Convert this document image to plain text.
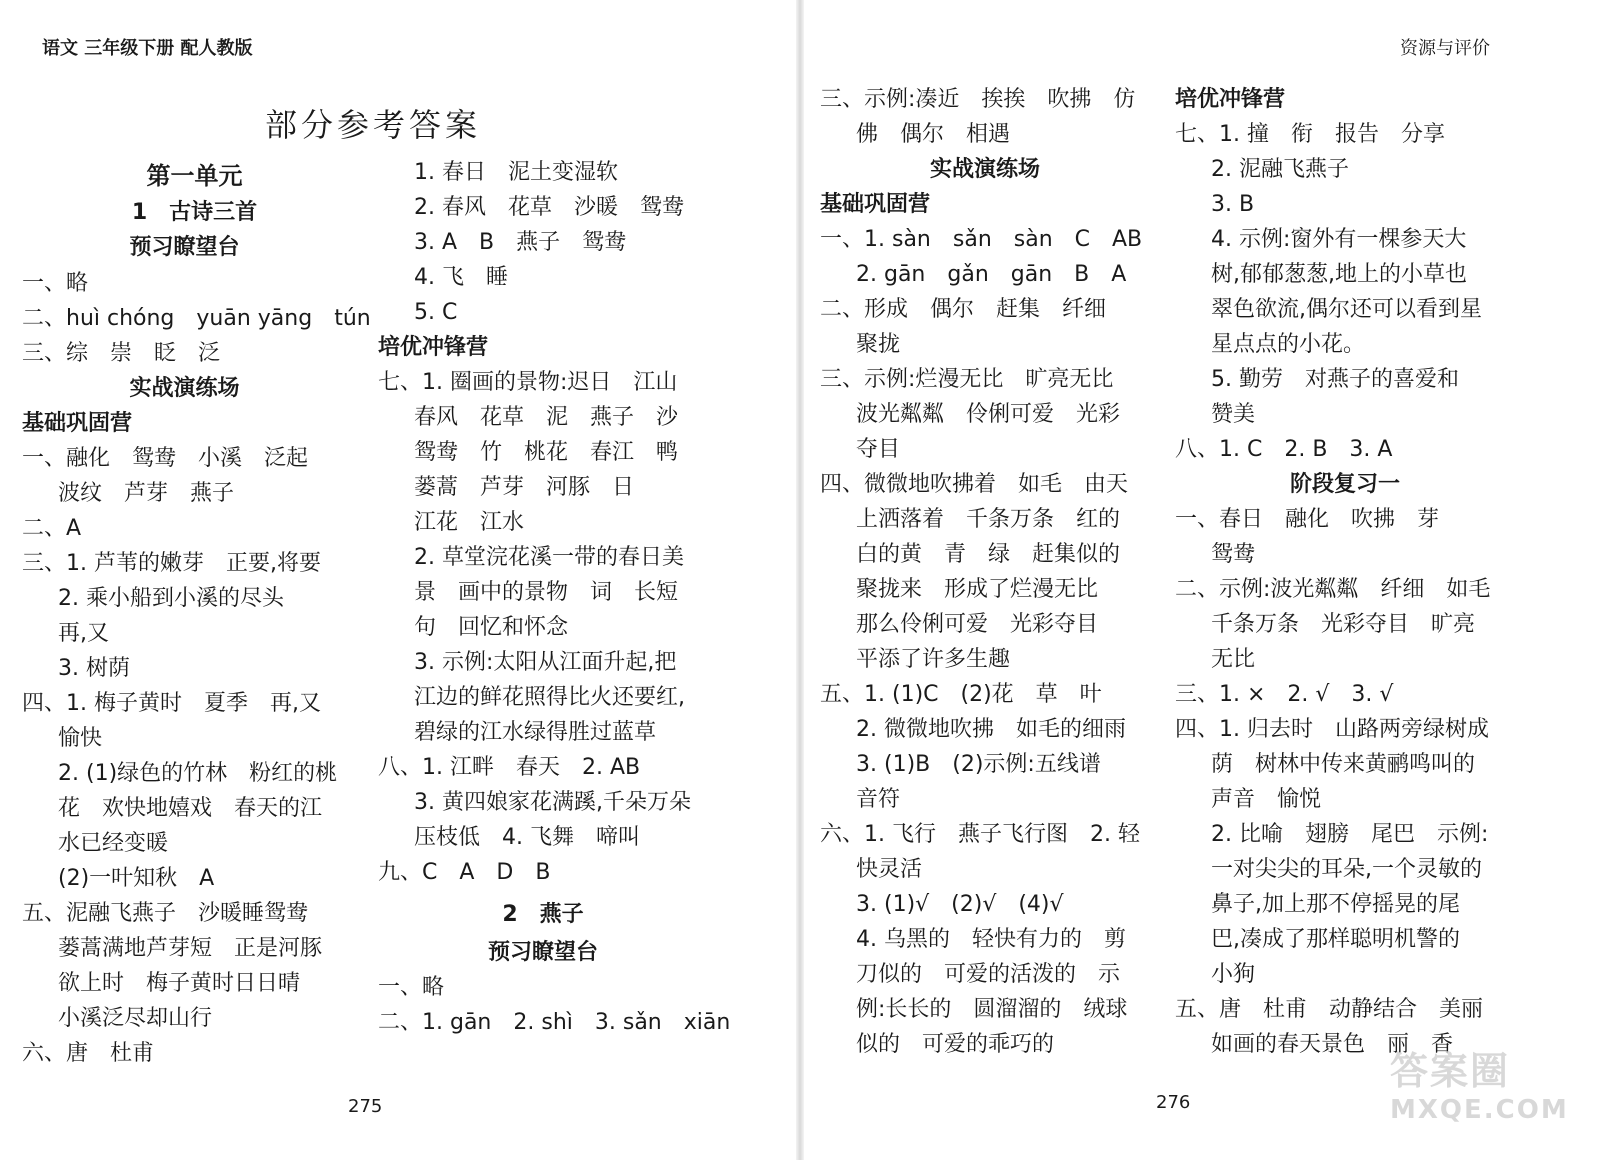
语文 三年级下册 配人教版
部分参考答案
第一单元
1　古诗三首
预习瞭望台
一、略
二、huì chóng　yuān yāng　tún
三、综　崇　眨　泛
实战演练场
基础巩固营
一、融化　鸳鸯　小溪　泛起
波纹　芦芽　燕子
二、A
三、1. 芦苇的嫩芽　正要,将要
2. 乘小船到小溪的尽头
再,又
3. 树荫
四、1. 梅子黄时　夏季　再,又
愉快
2. (1)绿色的竹林　粉红的桃
花　欢快地嬉戏　春天的江
水已经变暖
(2)一叶知秋　A
五、泥融飞燕子　沙暖睡鸳鸯
蒌蒿满地芦芽短　正是河豚
欲上时　梅子黄时日日晴
小溪泛尽却山行
六、唐　杜甫
1. 春日　泥土变湿软
2. 春风　花草　沙暖　鸳鸯
3. A　B　燕子　鸳鸯
4. 飞　睡
5. C
培优冲锋营
七、1. 圈画的景物:迟日　江山
春风　花草　泥　燕子　沙
鸳鸯　竹　桃花　春江　鸭
蒌蒿　芦芽　河豚　日
江花　江水
2. 草堂浣花溪一带的春日美
景　画中的景物　词　长短
句　回忆和怀念
3. 示例:太阳从江面升起,把
江边的鲜花照得比火还要红,
碧绿的江水绿得胜过蓝草
八、1. 江畔　春天　2. AB
3. 黄四娘家花满蹊,千朵万朵
压枝低　4. 飞舞　啼叫
九、C　A　D　B
2　燕子
预习瞭望台
一、略
二、1. gān　2. shì　3. sǎn　xiān
275
资源与评价
三、示例:凑近　挨挨　吹拂　仿
佛　偶尔　相遇
实战演练场
基础巩固营
一、1. sàn　sǎn　sàn　C　AB
2. gān　gǎn　gān　B　A
二、形成　偶尔　赶集　纤细
聚拢
三、示例:烂漫无比　旷亮无比
波光粼粼　伶俐可爱　光彩
夺目
四、微微地吹拂着　如毛　由天
上洒落着　千条万条　红的
白的黄　青　绿　赶集似的
聚拢来　形成了烂漫无比
那么伶俐可爱　光彩夺目
平添了许多生趣
五、1. (1)C　(2)花　草　叶
2. 微微地吹拂　如毛的细雨
3. (1)B　(2)示例:五线谱
音符
六、1. 飞行　燕子飞行图　2. 轻
快灵活
3. (1)√　(2)√　(4)√
4. 乌黑的　轻快有力的　剪
刀似的　可爱的活泼的　示
例:长长的　圆溜溜的　绒球
似的　可爱的乖巧的
培优冲锋营
七、1. 撞　衔　报告　分享
2. 泥融飞燕子
3. B
4. 示例:窗外有一棵参天大
树,郁郁葱葱,地上的小草也
翠色欲流,偶尔还可以看到星
星点点的小花。
5. 勤劳　对燕子的喜爱和
赞美
八、1. C　2. B　3. A
阶段复习一
一、春日　融化　吹拂　芽
鸳鸯
二、示例:波光粼粼　纤细　如毛
千条万条　光彩夺目　旷亮
无比
三、1. ×　2. √　3. √
四、1. 归去时　山路两旁绿树成
荫　树林中传来黄鹂鸣叫的
声音　愉悦
2. 比喻　翅膀　尾巴　示例:
一对尖尖的耳朵,一个灵敏的
鼻子,加上那不停摇晃的尾
巴,凑成了那样聪明机警的
小狗
五、唐　杜甫　动静结合　美丽
如画的春天景色　丽　香
276
答案圈
MXQE.COM
